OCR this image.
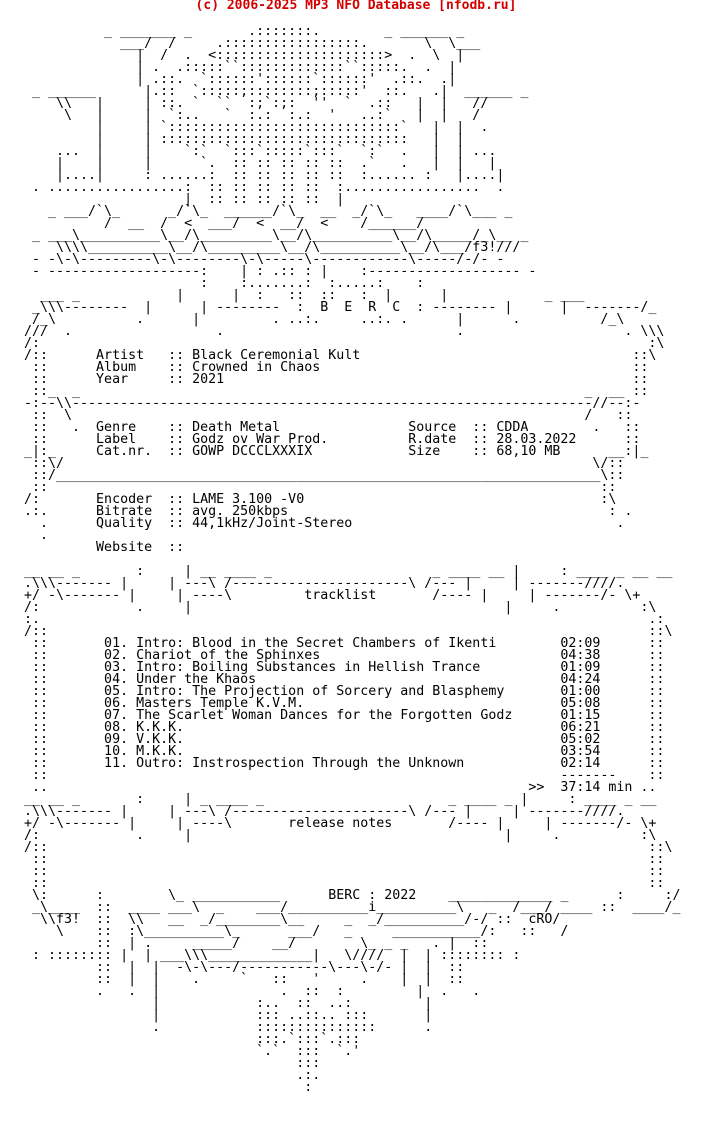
(c) 2006-2025 MP3 NFO Database [nfodb.ru]
_ _______ _       .:::::::.        _ ______ _
___/  /     .:::::::::::::::::.       \  \___
|  /  .  <:::::::::::::::::::::>  .  \  |
| .  .:::::``:::::::::::::``:::::.  .  |
| .::.  `::::::'::::::`::::::'  .::.  .|
_ ______      |.::  `:::::;::::::::;:::::'  ::.   .|  ______ _
\\   |     | ::. `  ``  :;`:;:  ''  `  .::   |  |   //
\   |     |  `:..   `  :.:  :.:  '   ..:`   |  |   /
|     | `:::::::::::::::::::::::::::::`   |  |  .
|     | :::::::::::::::::::::::::::::::   |  |
...  |     |    `:`  `:::`:::::`:::`  `:`  .   |  | ...
|    |     |      `.  :: :: :: :: ::  .`   .   |  |   |
|....|     : ......:  :: :: :: :: ::  :...... :   |....|
. .................:  :: :: :: :: ::  :.................  .
|  :: :: :: :: ::  |
_ ___/`\_      _/`\_  ______/`\_  __  _/`\_   ____/`\___ _
/  __  /  <  ___/  <  __/  <    /______/
_ ___\__________\__/\_________\__/\__________\__/\_____/_\__ _
\\\\__________\__/\_________\__/\__________\__/\___/f3!///
- -\-\---------\-\--------\-\-----\------------\-----/-/- -
- -------------------:    | : .:: : |    :------------------- -
:    :.......:  :.....:    :
___ _            |      |  :   ::  ::   :  |      |            _ ___
_\\\--------  |      | --------  :  B  E  R  C  : -------- |      |  -------/_
/_\          .      |         . ..:.     ..:. .      |      .          /_\
///  .                  .                             .                    . \\\
/:                                                                            :\
/::      Artist   :: Black Ceremonial Kult                                  ::\
::      Album    :: Crowned in Chaos                                       ::
::      Year     :: 2021                                                   ::
::_  _                                                               _  __ ::
-:--\\-----------------------------------------------------------------//--:-
::  \                                                                /   ::
::   .  Genre    :: Death Metal                Source  :: CDDA        .   ::
::      Label    :: Godz ov War Prod.          R.date  :: 28.03.2022      ::
_|:_     Cat.nr.  :: GOWP DCCCLXXXIX            Size    :: 68,10 MB      __:|_
::\/                                                                  \/::
::/____________________________________________________________________\::
::                                                                     ::
/:       Encoder  :: LAME 3.100 -V0                                     :\
.:.      Bitrate  :: avg. 250kbps                                        : .
.      Quality  :: 44,1kHz/Joint-Stereo                                 .
.
Website  ::
__ __ _       :     | __ ____ _                    _ ____ __ |     : ____ _ __ __
.\\\------- |     | ---\ /----------------------\ /--- |     | -------////.
+/ -\------- |     | ----\         tracklist       /---- |     | -------/- \+
/:            .     |                                       |     .          :\
:.                                                                            .:
/::                                                                           ::\
::       01. Intro: Blood in the Secret Chambers of Ikenti        02:09      ::
::       02. Chariot of the Sphinxes                              04:38      ::
::       03. Intro: Boiling Substances in Hellish Trance          01:09      ::
::       04. Under the Khaos                                      04:24      ::
::       05. Intro: The Projection of Sorcery and Blasphemy       01:00      ::
::       06. Masters Temple K.V.M.                                05:08      ::
::       07. The Scarlet Woman Dances for the Forgotten Godz      01:15      ::
::       08. K.K.K.                                               06:21      ::
::       09. V.K.K.                                               05:02      ::
::       10. M.K.K.                                               03:54      ::
::       11. Outro: Instrospection Through the Unknown            02:14      ::
::                                                                -------    ::
..                                                            >>  37:14 min ..
__ __ _       :     | _ ____ _                       _ ____ _ |     : ____ _ __
.\\\------- |     | ---\ /----------------------\ /--- |     | -------////.
+/ -\------- |     | ----\       release notes       /---- |     | -------/- \+
/:            .     |                                       |     .          :\
/::                                                                           ::\
::                                                                           ::
::                                                                           ::
::                                                                           ::
\:      :        \_ ___________      BERC : 2022    _____________ _      :     :/
_\____  ::  ____ ___\  _    ___/__________i__________\   _  /___/ ____ ::  ____/_
\\f3!  ::  \\   __  _/________\__     _  _/__________/-/ ::  cRO/
\    ::  :\__________\_      ___/   _     ___________/:   ::   /
::  | .     _____/    __/        \_ _ _   . |  ::
: :::::::: |  | ___\\\_____________|   \////  |  | :::::::: :
::  |  |  -\-\---/-----------\---\-/- |  |  ::
::  |  |    .     `   ::   '     .    |  |  ::
.   .  |               .  ::  :         |  .   .
|            :..  ::  ..:         |
|            ::: ..::.. :::       |
.            :::::::::::::::      .
:::.`:::`.:::
`.`  :::  `.'
:::
.:.
:
